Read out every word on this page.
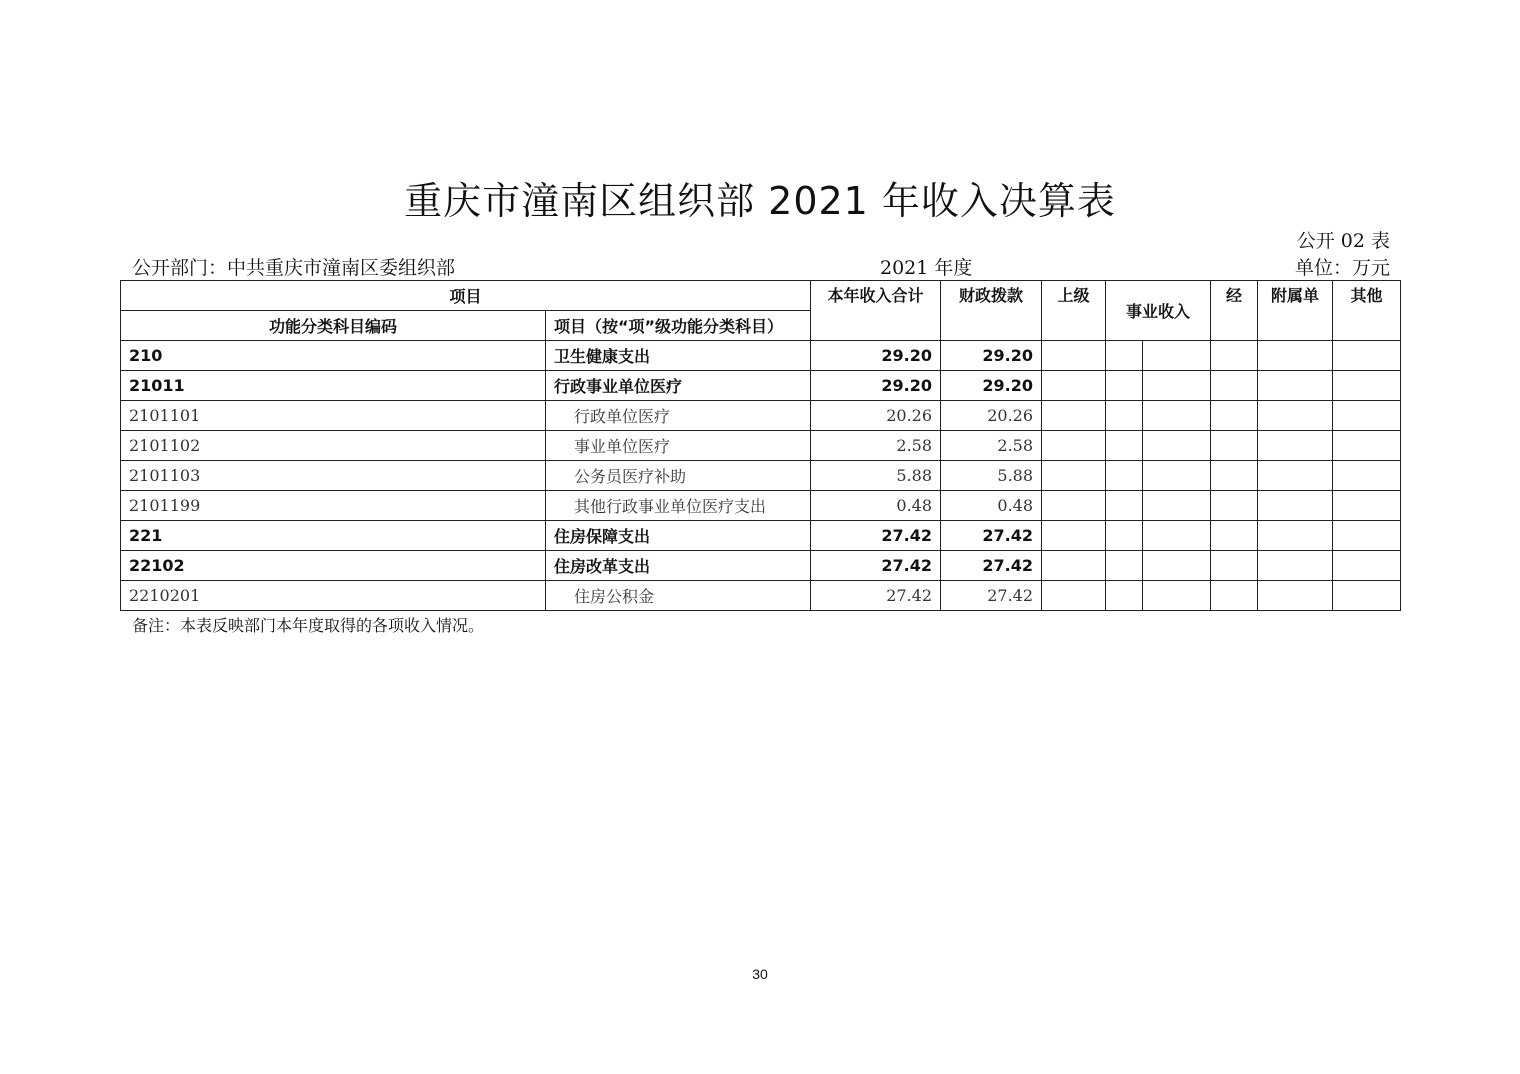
重庆市潼南区组织部 2021 年收入决算表
公开 02 表
公开部门：中共重庆市潼南区委组织部	2021 年度	单位：万元
项目		本年收入合计	财政拨款	上级	事业收入		经	附属单	其他
功能分类科目编码	项目（按“项”级功能分类科目）								
210	卫生健康支出	29.20	29.20						
21011	行政事业单位医疗	29.20	29.20						
2101101	行政单位医疗	20.26	20.26						
2101102	事业单位医疗	2.58	2.58						
2101103	公务员医疗补助	5.88	5.88						
2101199	其他行政事业单位医疗支出	0.48	0.48						
221	住房保障支出	27.42	27.42						
22102	住房改革支出	27.42	27.42						
2210201	住房公积金	27.42	27.42						
备注：本表反映部门本年度取得的各项收入情况。
30
